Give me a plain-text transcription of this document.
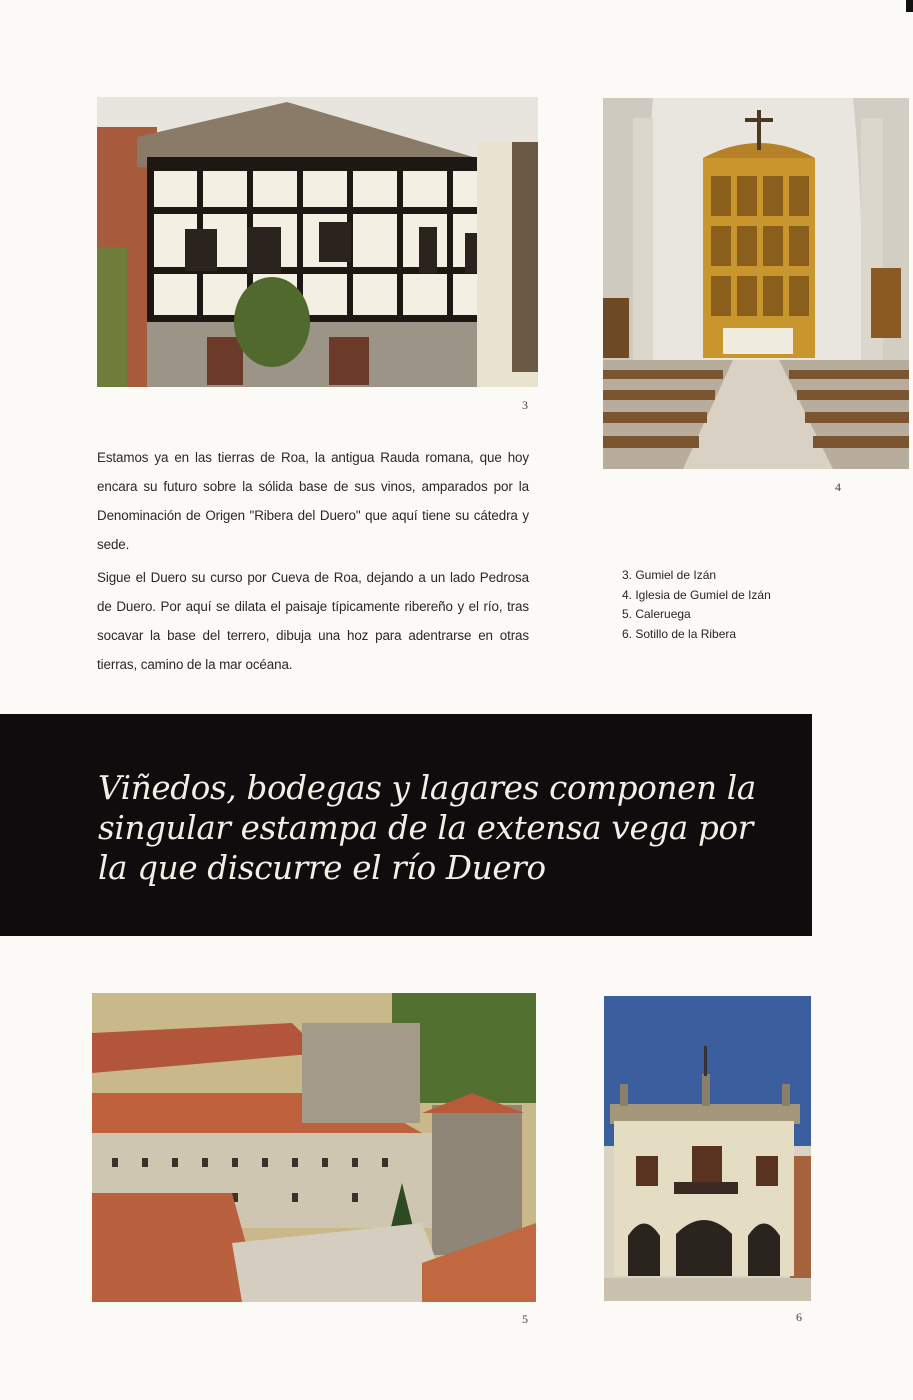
3
4

Estamos ya en las tierras de Roa, la antigua Rauda romana, que hoy encara su futuro sobre la sólida base de sus vinos, amparados por la Denominación de Origen "Ribera del Duero" que aquí tiene su cátedra y sede.

Sigue el Duero su curso por Cueva de Roa, dejando a un lado Pedrosa de Duero. Por aquí se dilata el paisaje típicamente ribereño y el río, tras socavar la base del terrero, dibuja una hoz para adentrarse en otras tierras, camino de la mar océana.

3. Gumiel de Izán
4. Iglesia de Gumiel de Izán
5. Caleruega
6. Sotillo de la Ribera
Viñedos, bodegas y lagares componen la singular estampa de la extensa vega por la que discurre el río Duero
5	6
